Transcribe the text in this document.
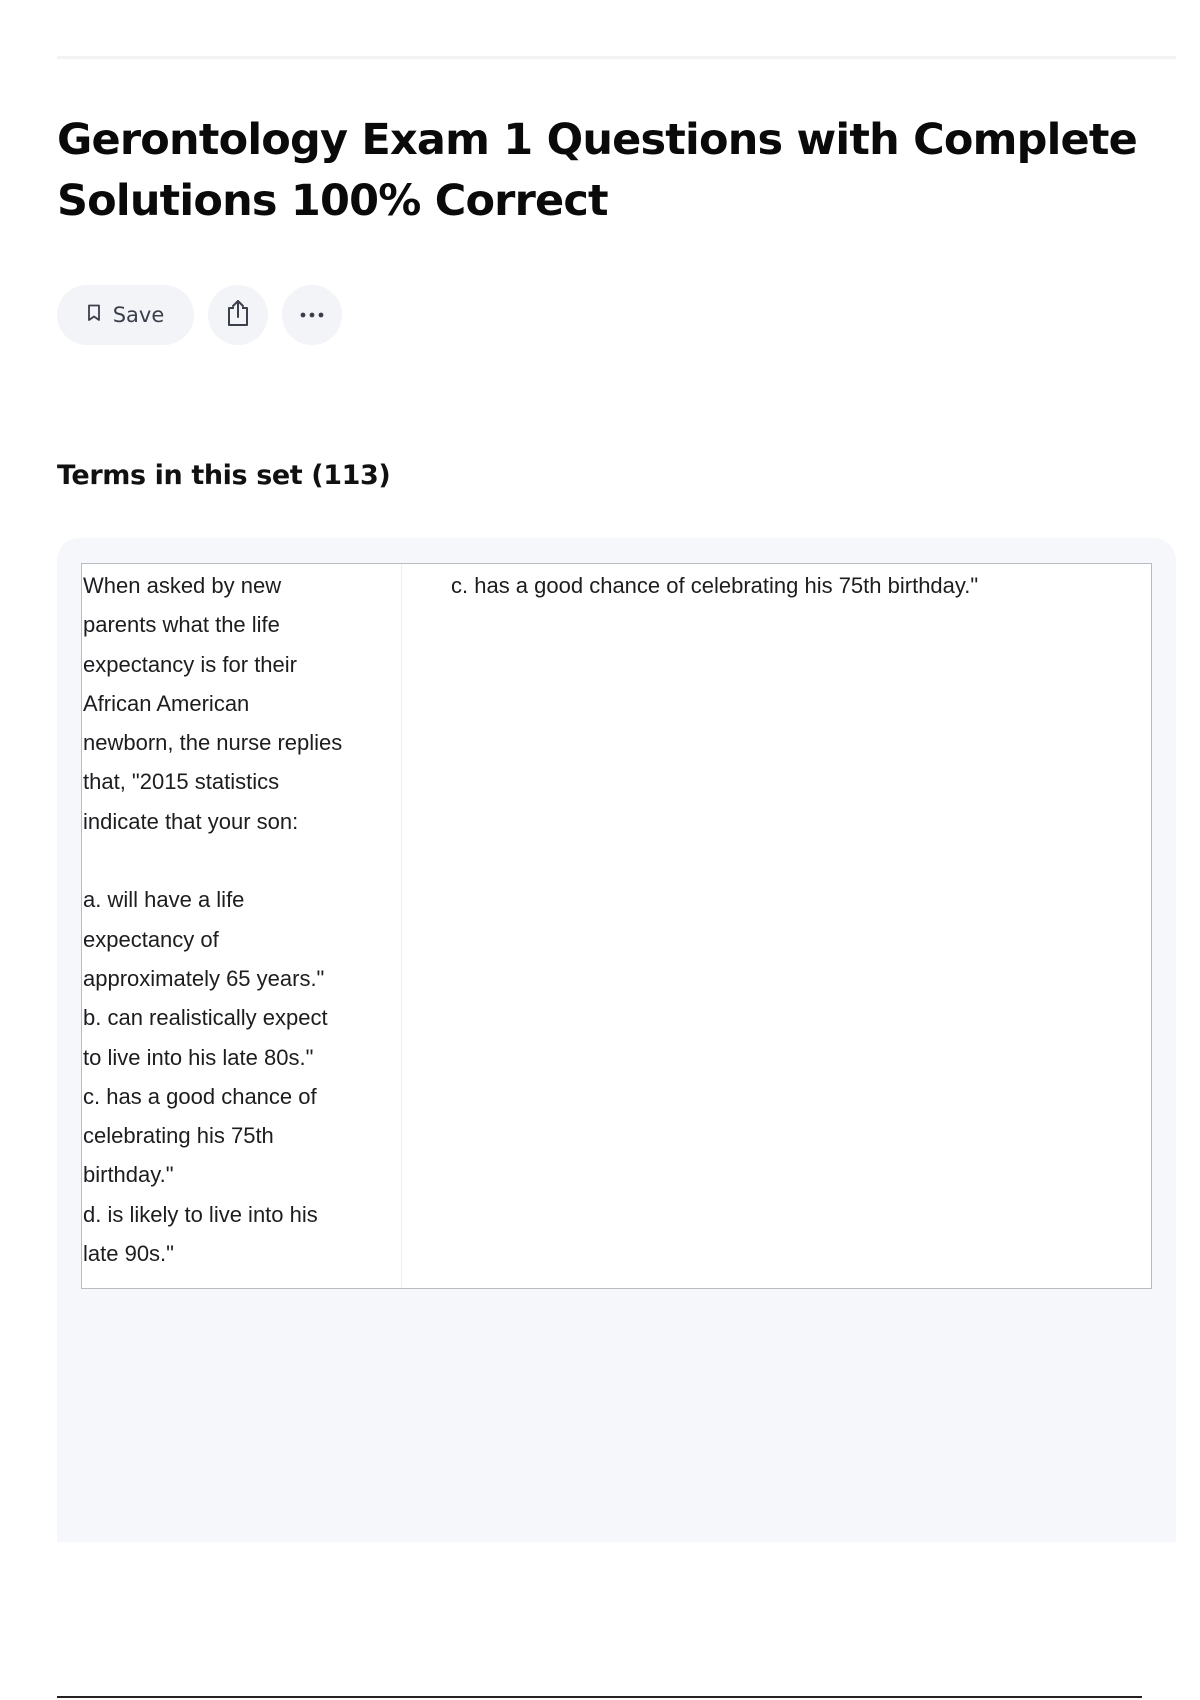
Gerontology Exam 1 Questions with Complete Solutions 100% Correct
Save
Terms in this set (113)
When asked by new
parents what the life
expectancy is for their
African American
newborn, the nurse replies
that, "2015 statistics
indicate that your son:

a. will have a life
expectancy of
approximately 65 years."
b. can realistically expect
to live into his late 80s."
c. has a good chance of
celebrating his 75th
birthday."
d. is likely to live into his
late 90s."
c. has a good chance of celebrating his 75th birthday."
